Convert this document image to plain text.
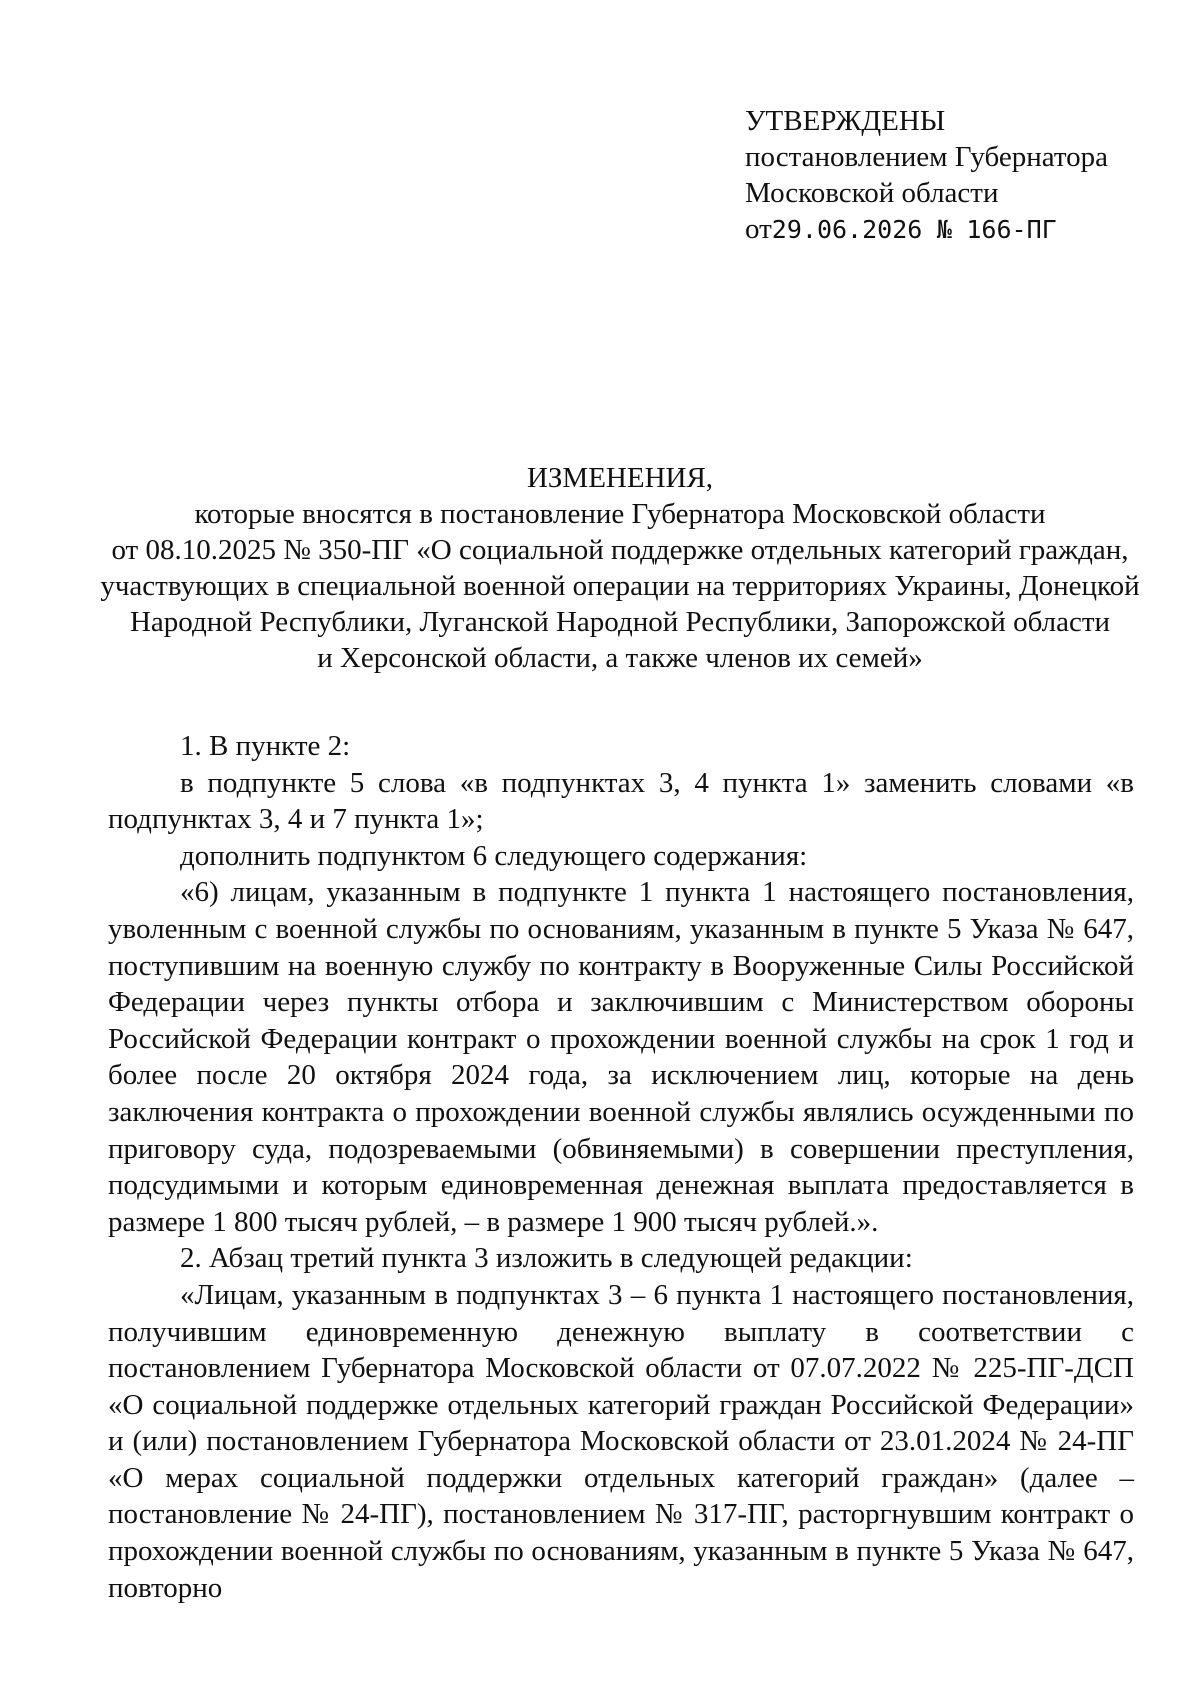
УТВЕРЖДЕНЫ
постановлением Губернатора
Московской области
от29.06.2026 № 166-ПГ
ИЗМЕНЕНИЯ,
которые вносятся в постановление Губернатора Московской области
от 08.10.2025 № 350-ПГ «О социальной поддержке отдельных категорий граждан,
участвующих в специальной военной операции на территориях Украины, Донецкой
Народной Республики, Луганской Народной Республики, Запорожской области
и Херсонской области, а также членов их семей»

1. В пункте 2:

в подпункте 5 слова «в подпунктах 3, 4 пункта 1» заменить словами «в подпунктах 3, 4 и 7 пункта 1»;

дополнить подпунктом 6 следующего содержания:

«6) лицам, указанным в подпункте 1 пункта 1 настоящего постановления, уволенным с военной службы по основаниям, указанным в пункте 5 Указа № 647, поступившим на военную службу по контракту в Вооруженные Силы Российской Федерации через пункты отбора и заключившим с Министерством обороны Российской Федерации контракт о прохождении военной службы на срок 1 год и более после 20 октября 2024 года, за исключением лиц, которые на день заключения контракта о прохождении военной службы являлись осужденными по приговору суда, подозреваемыми (обвиняемыми) в совершении преступления, подсудимыми и которым единовременная денежная выплата предоставляется в размере 1 800 тысяч рублей, – в размере 1 900 тысяч рублей.».

2. Абзац третий пункта 3 изложить в следующей редакции:

«Лицам, указанным в подпунктах 3 – 6 пункта 1 настоящего постановления, получившим единовременную денежную выплату в соответствии с постановлением Губернатора Московской области от 07.07.2022 № 225-ПГ-ДСП «О социальной поддержке отдельных категорий граждан Российской Федерации» и (или) постановлением Губернатора Московской области от 23.01.2024 № 24-ПГ «О мерах социальной поддержки отдельных категорий граждан» (далее – постановление № 24-ПГ), постановлением № 317-ПГ, расторгнувшим контракт о прохождении военной службы по основаниям, указанным в пункте 5 Указа № 647, повторно
